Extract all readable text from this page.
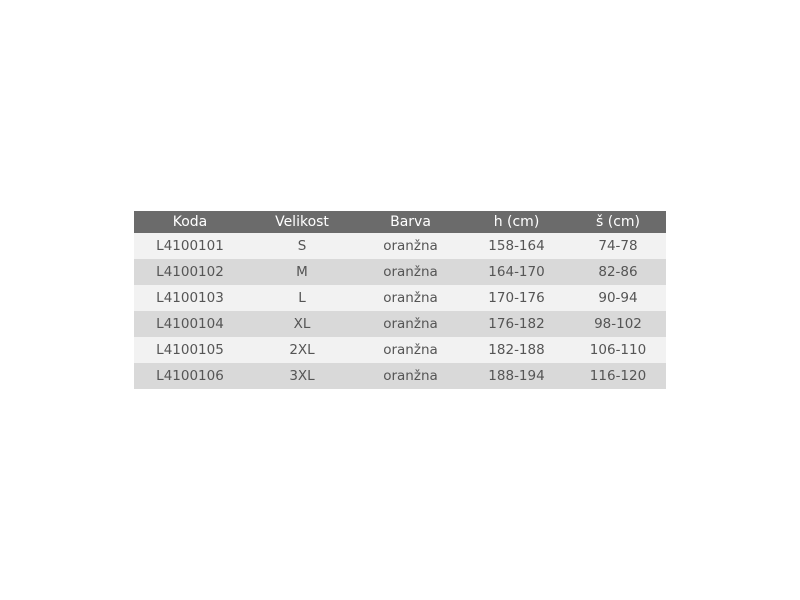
Koda	Velikost	Barva	h (cm)	š (cm)
L4100101	S	oranžna	158-164	74-78
L4100102	M	oranžna	164-170	82-86
L4100103	L	oranžna	170-176	90-94
L4100104	XL	oranžna	176-182	98-102
L4100105	2XL	oranžna	182-188	106-110
L4100106	3XL	oranžna	188-194	116-120
